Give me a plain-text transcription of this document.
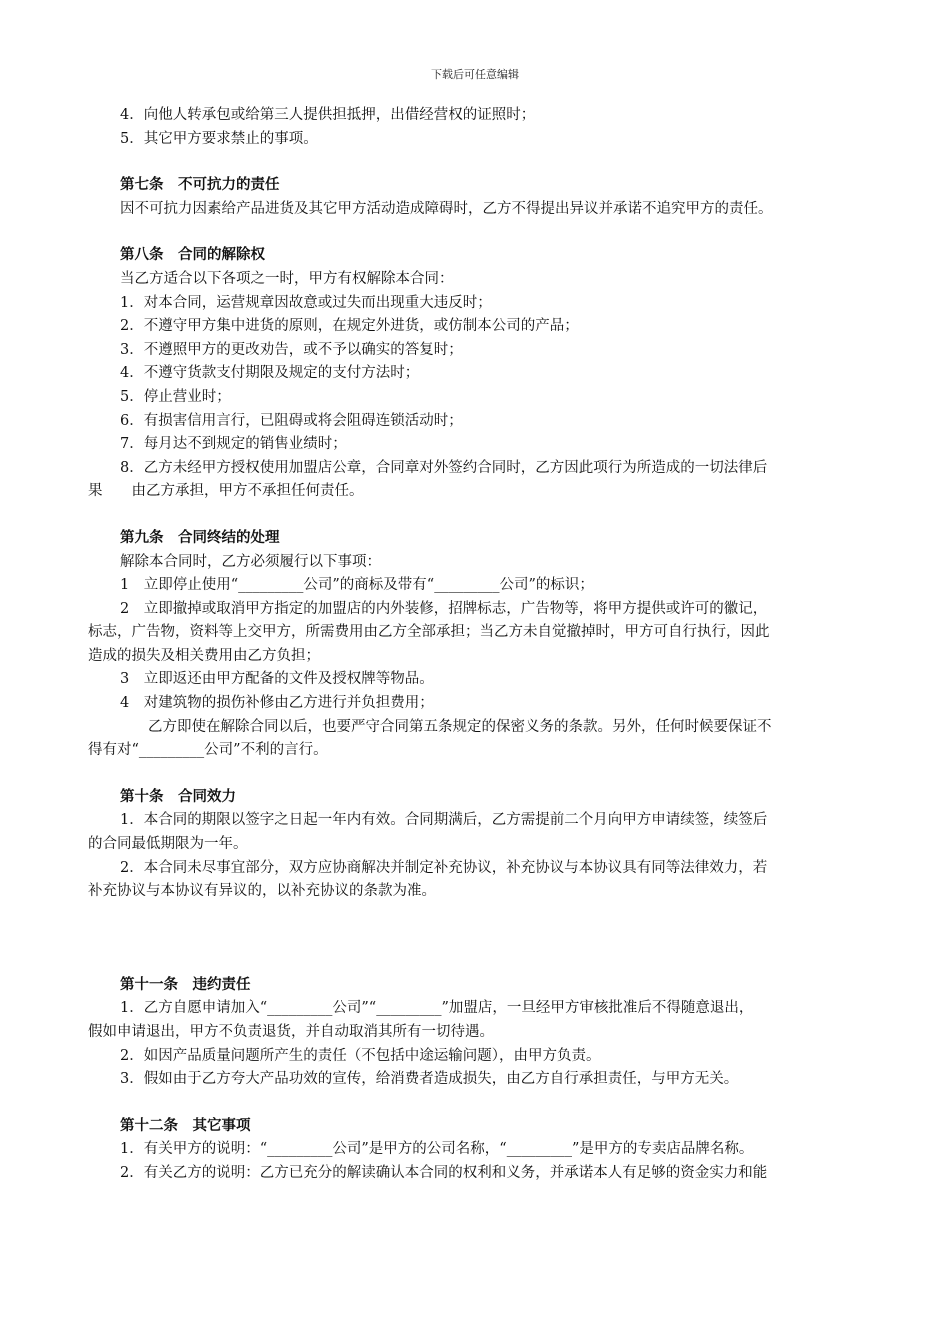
下载后可任意编辑
4．向他人转承包或给第三人提供担抵押，出借经营权的证照时；
5．其它甲方要求禁止的事项。
第七条　不可抗力的责任
因不可抗力因素给产品进货及其它甲方活动造成障碍时，乙方不得提出异议并承诺不追究甲方的责任。
第八条　合同的解除权
当乙方适合以下各项之一时，甲方有权解除本合同：
1．对本合同，运营规章因故意或过失而出现重大违反时；
2．不遵守甲方集中进货的原则，在规定外进货，或仿制本公司的产品；
3．不遵照甲方的更改劝告，或不予以确实的答复时；
4．不遵守货款支付期限及规定的支付方法时；
5．停止营业时；
6．有损害信用言行，已阻碍或将会阻碍连锁活动时；
7．每月达不到规定的销售业绩时；
8．乙方未经甲方授权使用加盟店公章，合同章对外签约合同时，乙方因此项行为所造成的一切法律后
果　　由乙方承担，甲方不承担任何责任。
第九条　合同终结的处理
解除本合同时，乙方必须履行以下事项：
1　立即停止使用“_________公司”的商标及带有“_________公司”的标识；
2　立即撤掉或取消甲方指定的加盟店的内外装修，招牌标志，广告物等，将甲方提供或许可的徽记，
标志，广告物，资料等上交甲方，所需费用由乙方全部承担；当乙方未自觉撤掉时，甲方可自行执行，因此
造成的损失及相关费用由乙方负担；
3　立即返还由甲方配备的文件及授权牌等物品。
4　对建筑物的损伤补修由乙方进行并负担费用；
乙方即使在解除合同以后，也要严守合同第五条规定的保密义务的条款。另外，任何时候要保证不
得有对“_________公司”不利的言行。
第十条　合同效力
1．本合同的期限以签字之日起一年内有效。合同期满后，乙方需提前二个月向甲方申请续签，续签后
的合同最低期限为一年。
2．本合同未尽事宜部分，双方应协商解决并制定补充协议，补充协议与本协议具有同等法律效力，若
补充协议与本协议有异议的，以补充协议的条款为准。
第十一条　违约责任
1．乙方自愿申请加入“_________公司”“_________”加盟店，一旦经甲方审核批准后不得随意退出，
假如申请退出，甲方不负责退货，并自动取消其所有一切待遇。
2．如因产品质量问题所产生的责任（不包括中途运输问题），由甲方负责。
3．假如由于乙方夸大产品功效的宣传，给消费者造成损失，由乙方自行承担责任，与甲方无关。
第十二条　其它事项
1．有关甲方的说明：“_________公司”是甲方的公司名称，“_________”是甲方的专卖店品牌名称。
2．有关乙方的说明：乙方已充分的解读确认本合同的权利和义务，并承诺本人有足够的资金实力和能
